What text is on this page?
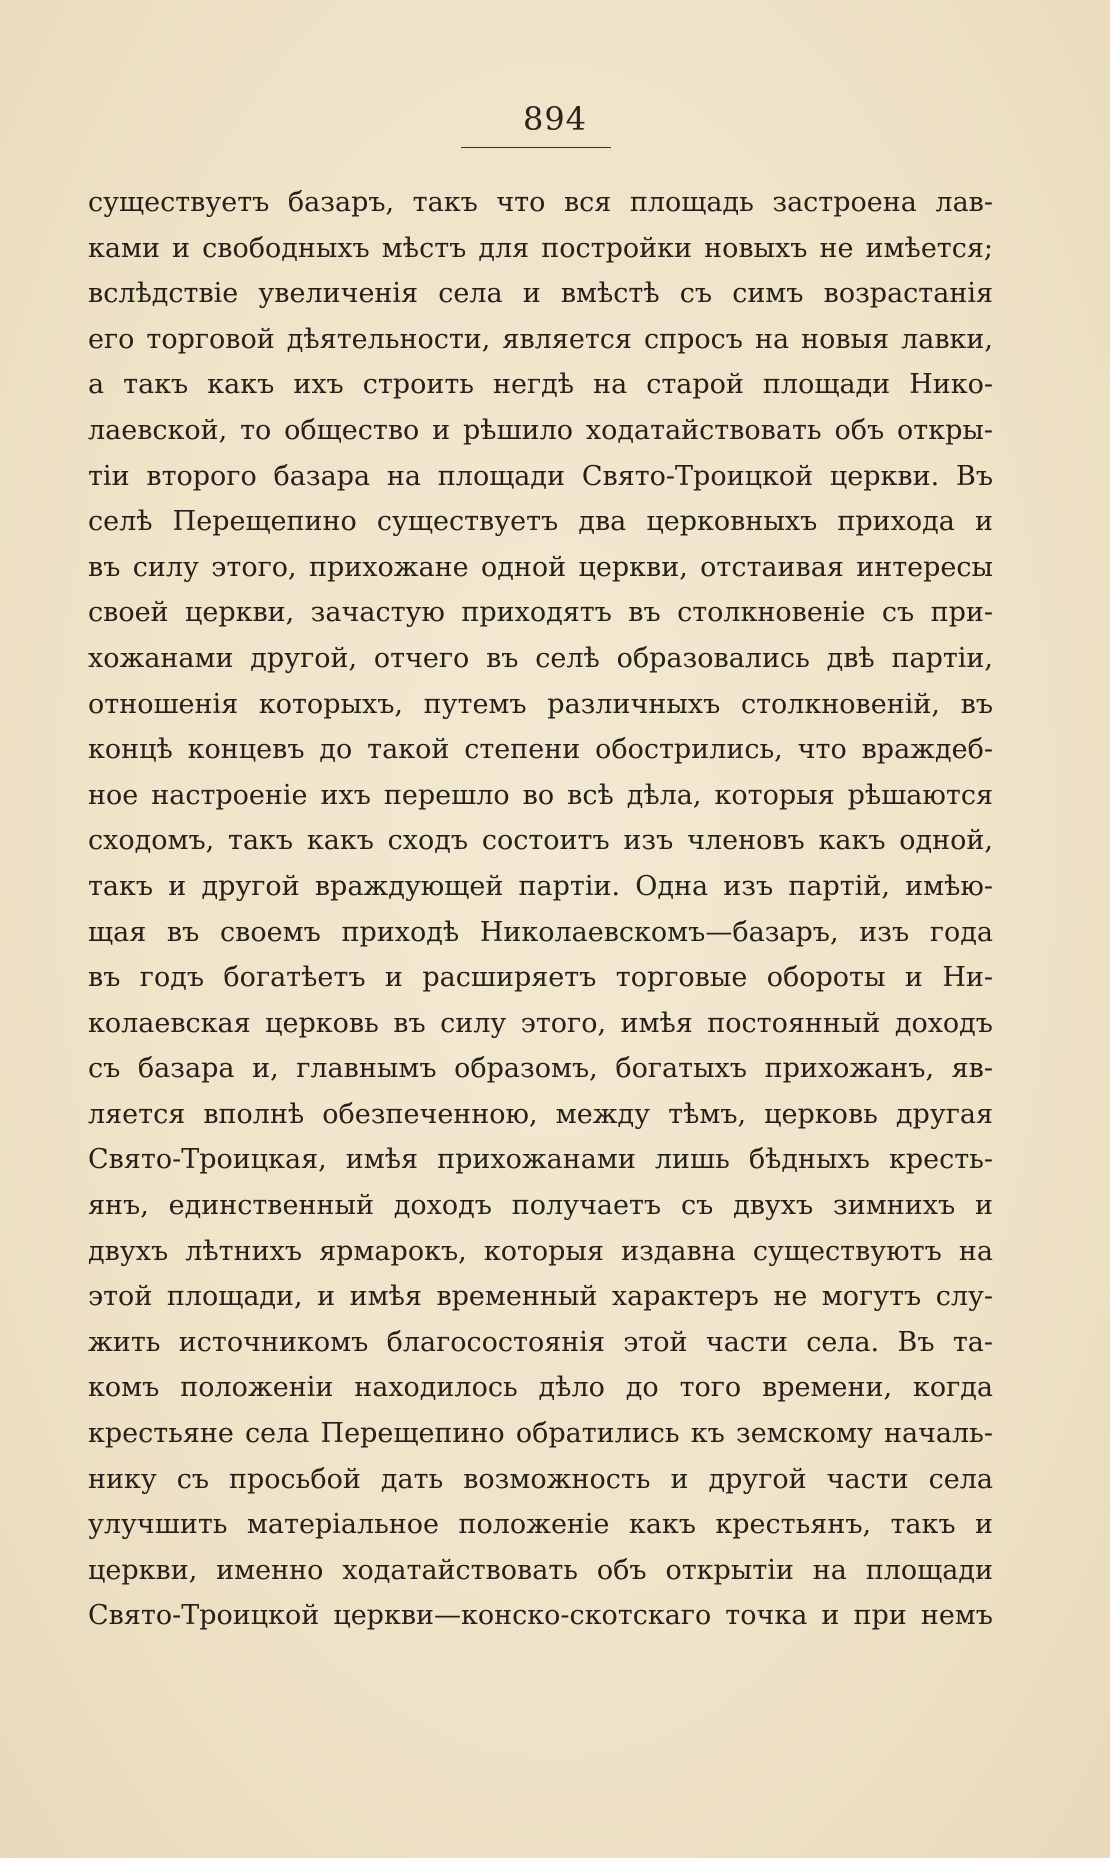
894
существуетъ базаръ, такъ что вся площадь застроена лав-
ками и свободныхъ мѣстъ для постройки новыхъ не имѣется;
вслѣдствіе увеличенія села и вмѣстѣ съ симъ возрастанія
его торговой дѣятельности, является спросъ на новыя лавки,
а такъ какъ ихъ строить негдѣ на старой площади Нико-
лаевской, то общество и рѣшило ходатайствовать объ откры-
тіи второго базара на площади Свято-Троицкой церкви. Въ
селѣ Перещепино существуетъ два церковныхъ прихода и
въ силу этого, прихожане одной церкви, отстаивая интересы
своей церкви, зачастую приходятъ въ столкновеніе съ при-
хожанами другой, отчего въ селѣ образовались двѣ партіи,
отношенія которыхъ, путемъ различныхъ столкновеній, въ
концѣ концевъ до такой степени обострились, что враждеб-
ное настроеніе ихъ перешло во всѣ дѣла, которыя рѣшаются
сходомъ, такъ какъ сходъ состоитъ изъ членовъ какъ одной,
такъ и другой враждующей партіи. Одна изъ партій, имѣю-
щая въ своемъ приходѣ Николаевскомъ—базаръ, изъ года
въ годъ богатѣетъ и расширяетъ торговые обороты и Ни-
колаевская церковь въ силу этого, имѣя постоянный доходъ
съ базара и, главнымъ образомъ, богатыхъ прихожанъ, яв-
ляется вполнѣ обезпеченною, между тѣмъ, церковь другая
Свято-Троицкая, имѣя прихожанами лишь бѣдныхъ кресть-
янъ, единственный доходъ получаетъ съ двухъ зимнихъ и
двухъ лѣтнихъ ярмарокъ, которыя издавна существуютъ на
этой площади, и имѣя временный характеръ не могутъ слу-
жить источникомъ благосостоянія этой части села. Въ та-
комъ положеніи находилось дѣло до того времени, когда
крестьяне села Перещепино обратились къ земскому началь-
нику съ просьбой дать возможность и другой части села
улучшить матеріальное положеніе какъ крестьянъ, такъ и
церкви, именно ходатайствовать объ открытіи на площади
Свято-Троицкой церкви—конско-скотскаго точка и при немъ
